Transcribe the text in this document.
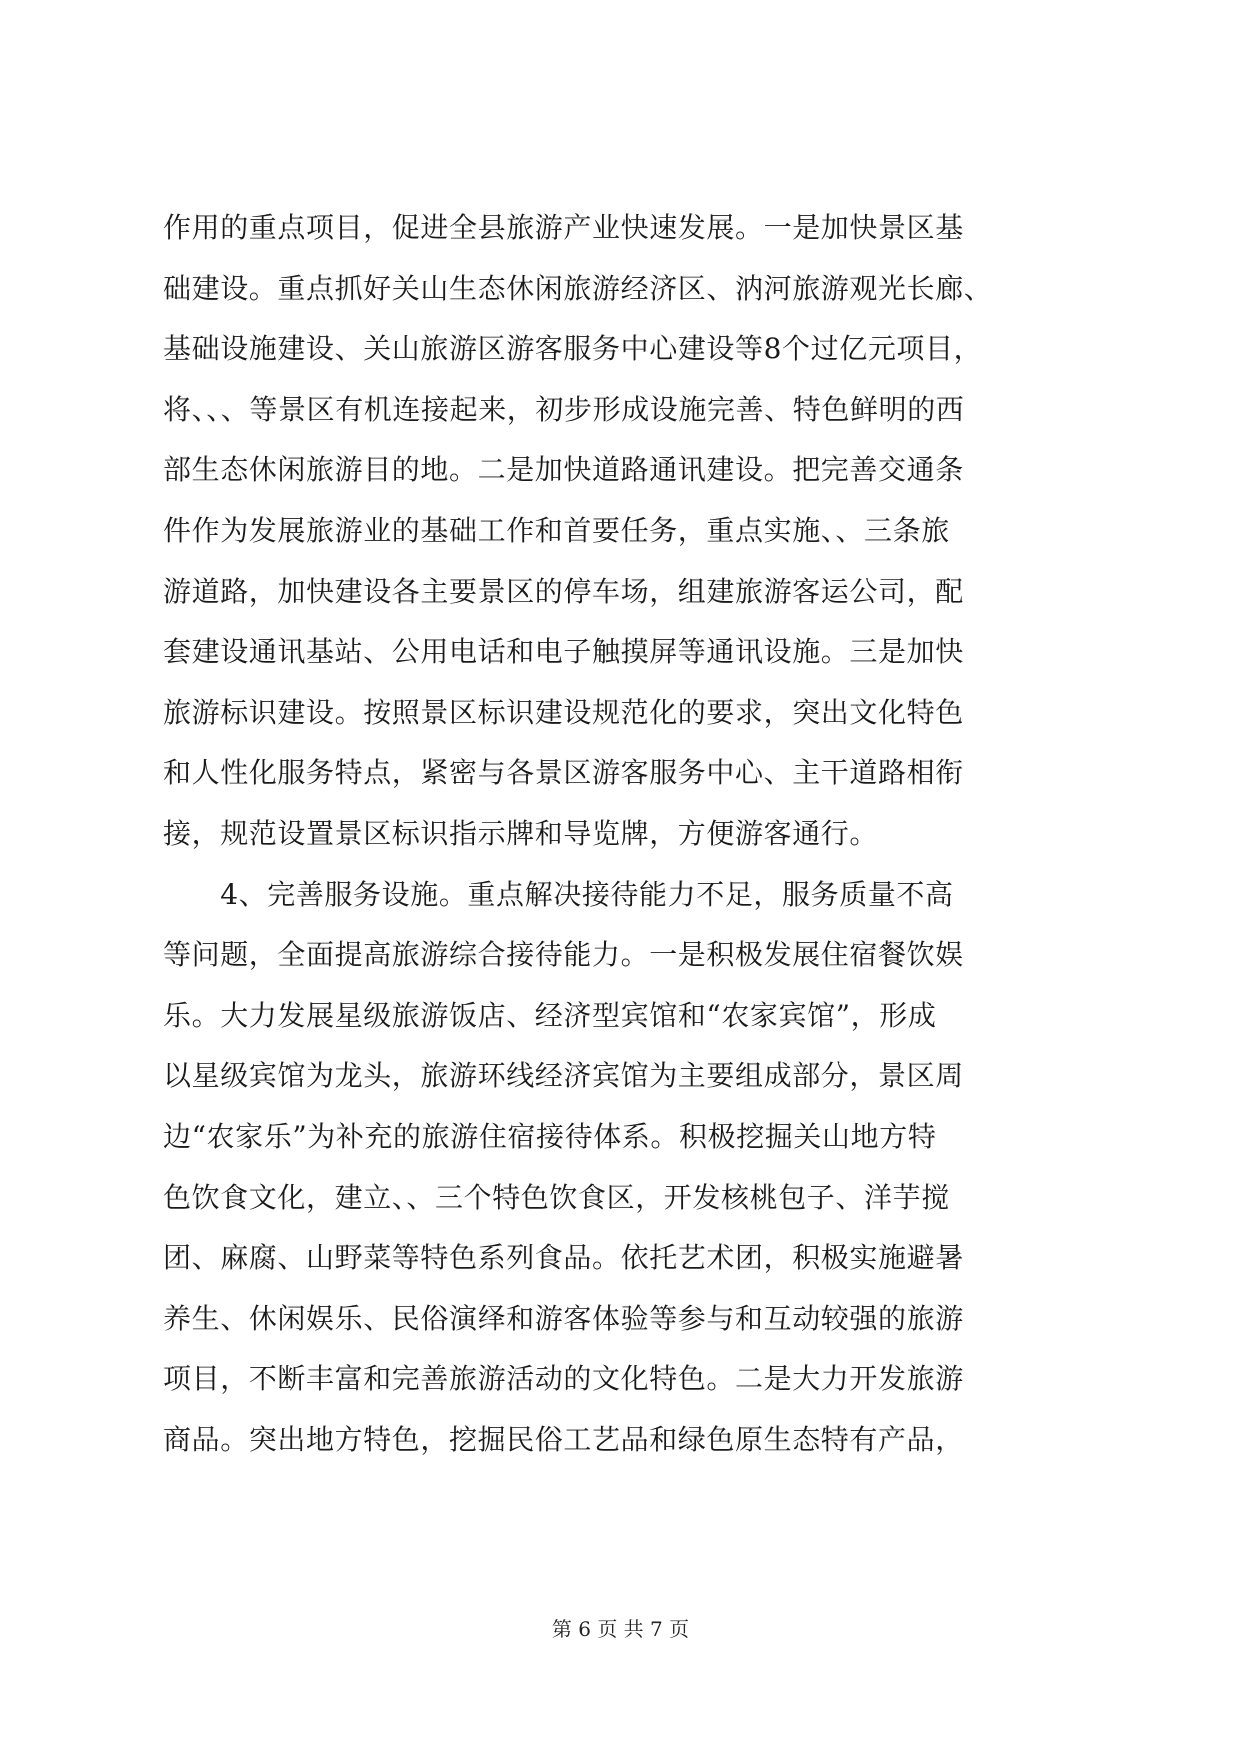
作用的重点项目，促进全县旅游产业快速发展。一是加快景区基
础建设。重点抓好关山生态休闲旅游经济区、汭河旅游观光长廊、
基础设施建设、关山旅游区游客服务中心建设等8个过亿元项目，
将、、、等景区有机连接起来，初步形成设施完善、特色鲜明的西
部生态休闲旅游目的地。二是加快道路通讯建设。把完善交通条
件作为发展旅游业的基础工作和首要任务，重点实施、、三条旅
游道路，加快建设各主要景区的停车场，组建旅游客运公司，配
套建设通讯基站、公用电话和电子触摸屏等通讯设施。三是加快
旅游标识建设。按照景区标识建设规范化的要求，突出文化特色
和人性化服务特点，紧密与各景区游客服务中心、主干道路相衔
接，规范设置景区标识指示牌和导览牌，方便游客通行。
　　4、完善服务设施。重点解决接待能力不足，服务质量不高
等问题，全面提高旅游综合接待能力。一是积极发展住宿餐饮娱
乐。大力发展星级旅游饭店、经济型宾馆和“农家宾馆”，形成
以星级宾馆为龙头，旅游环线经济宾馆为主要组成部分，景区周
边“农家乐”为补充的旅游住宿接待体系。积极挖掘关山地方特
色饮食文化，建立、、三个特色饮食区，开发核桃包子、洋芋搅
团、麻腐、山野菜等特色系列食品。依托艺术团，积极实施避暑
养生、休闲娱乐、民俗演绎和游客体验等参与和互动较强的旅游
项目，不断丰富和完善旅游活动的文化特色。二是大力开发旅游
商品。突出地方特色，挖掘民俗工艺品和绿色原生态特有产品，
第 6 页 共 7 页
